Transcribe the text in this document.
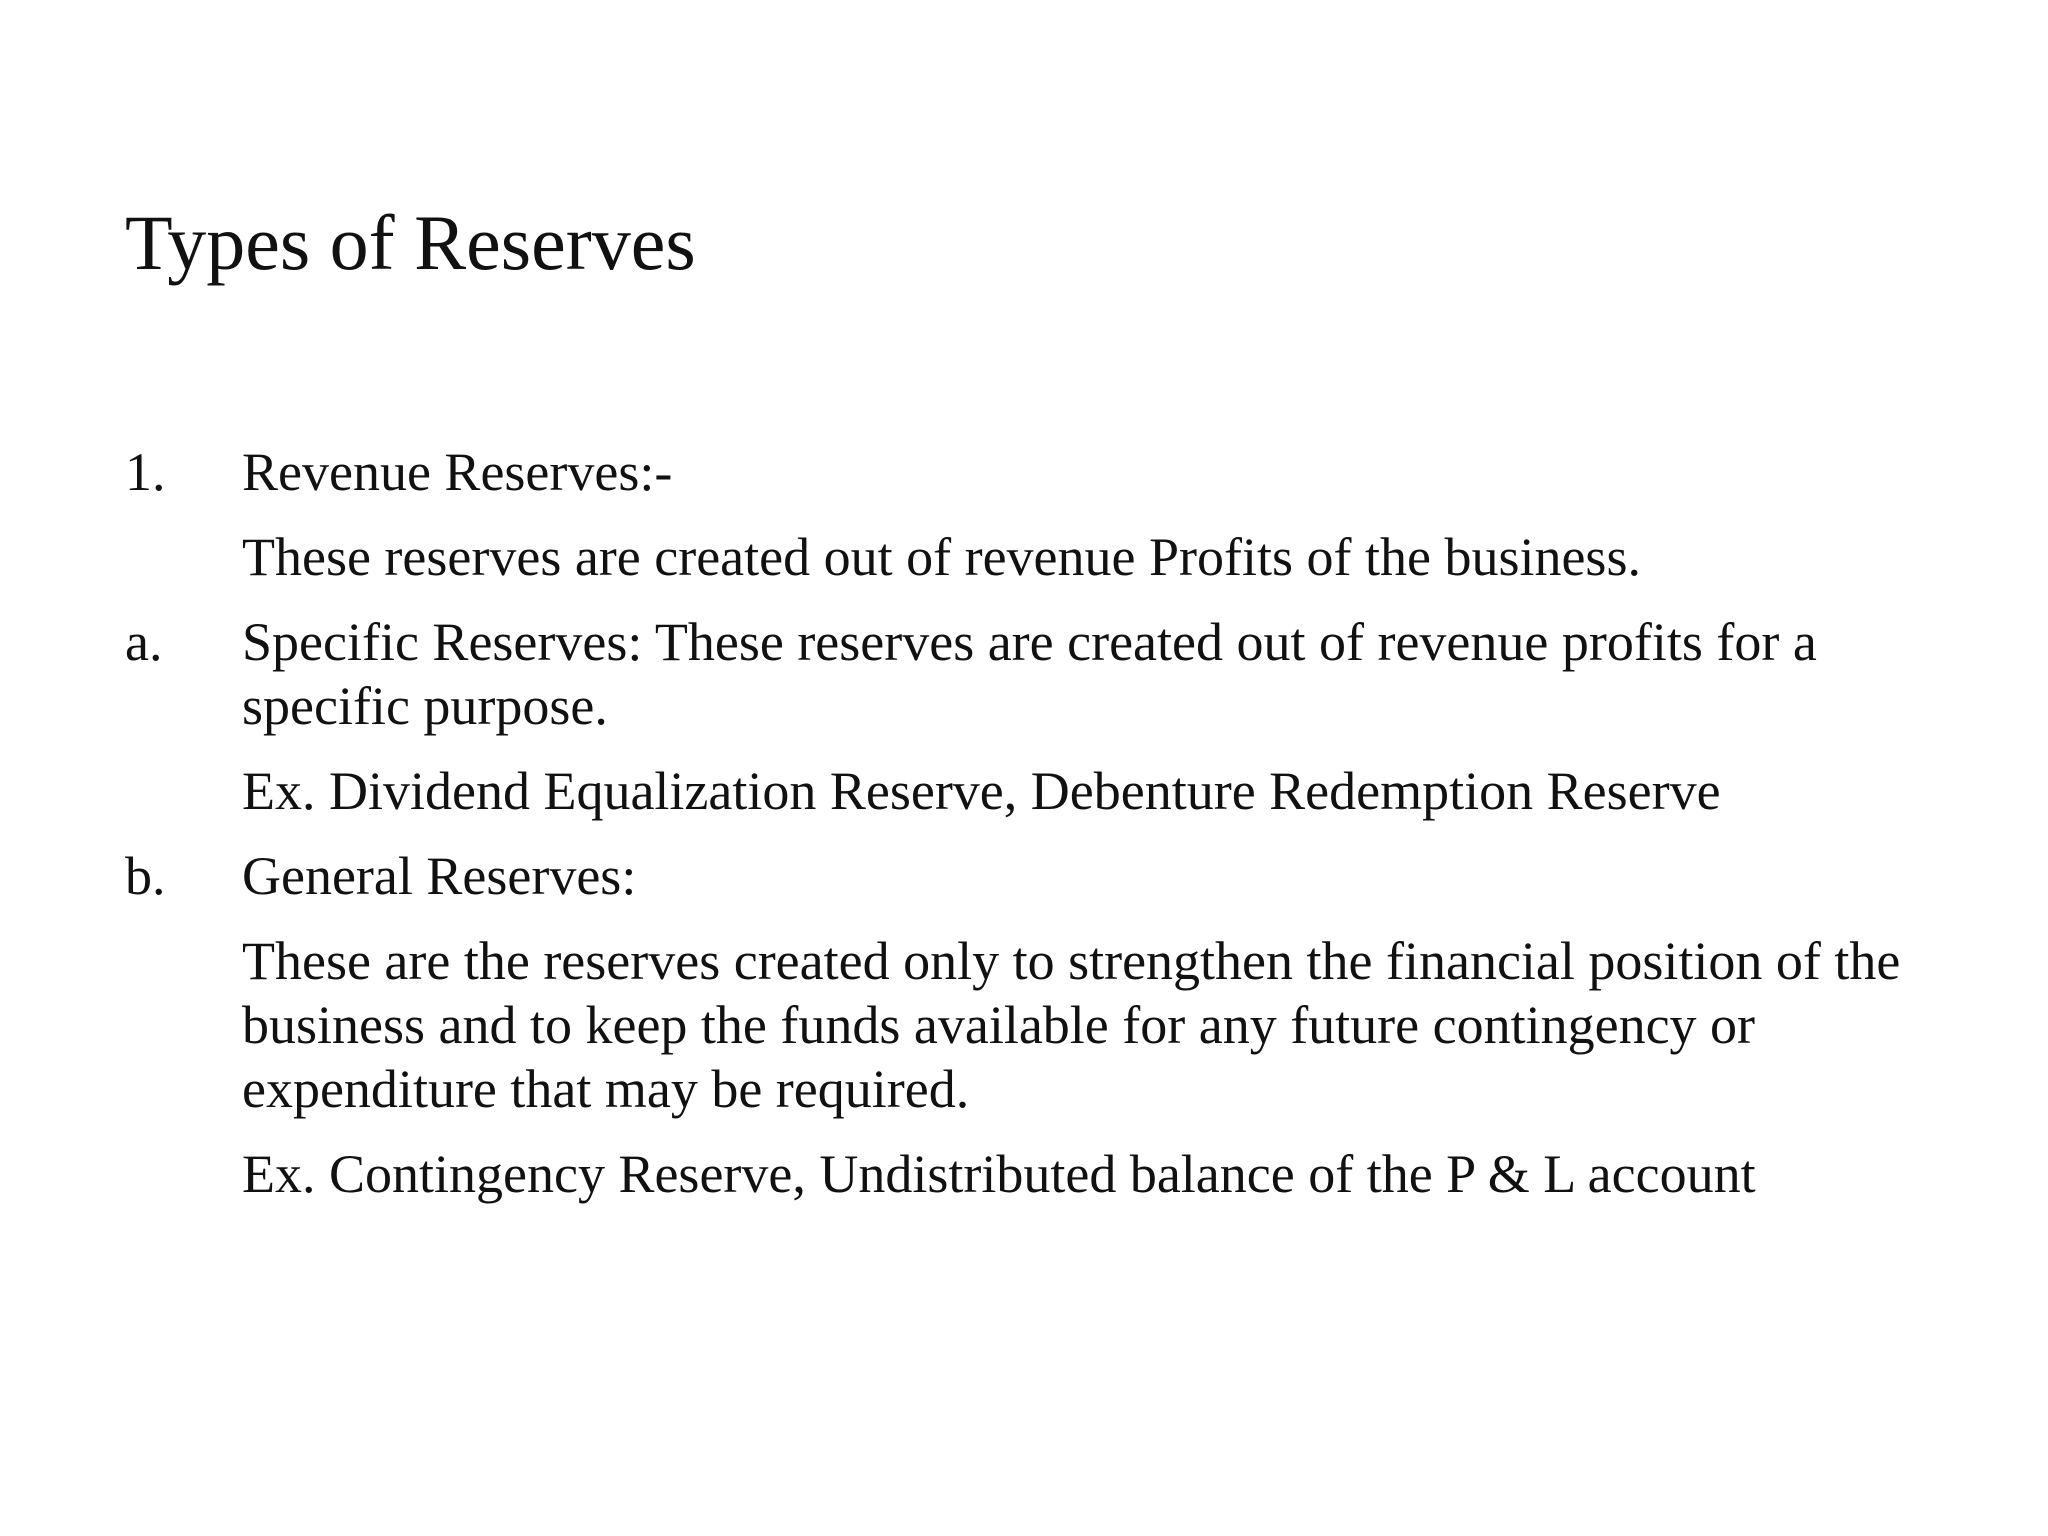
Types of Reserves
1. Revenue Reserves:-
These reserves are created out of revenue Profits of the business.
a. Specific Reserves: These reserves are created out of revenue profits for a specific purpose.
Ex. Dividend Equalization Reserve, Debenture Redemption Reserve
b. General Reserves:
These are the reserves created only to strengthen the financial position of the business and to keep the funds available for any future contingency or expenditure that may be required.
Ex. Contingency Reserve, Undistributed balance of the P & L account
